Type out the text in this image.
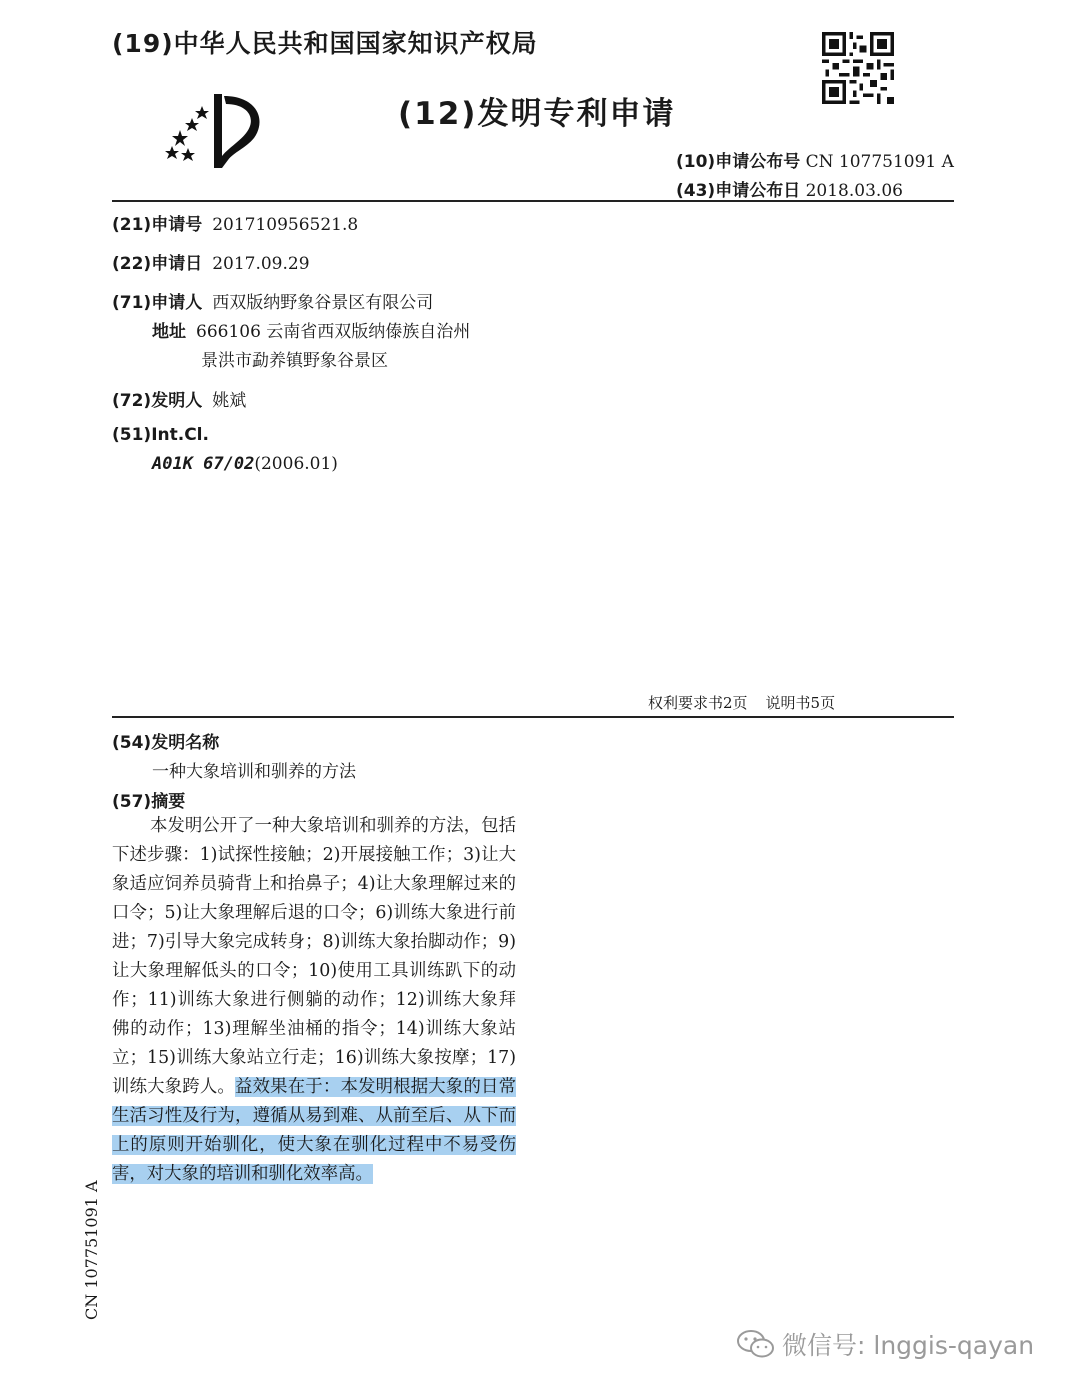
(19)中华人民共和国国家知识产权局
(12)发明专利申请
(10)申请公布号 CN 107751091 A
(43)申请公布日 2018.03.06
(21)申请号 201710956521.8
(22)申请日 2017.09.29
(71)申请人 西双版纳野象谷景区有限公司
地址 666106 云南省西双版纳傣族自治州
景洪市勐养镇野象谷景区
(72)发明人 姚斌
(51)Int.Cl.
A01K 67/02(2006.01)
权利要求书2页 说明书5页
(54)发明名称
一种大象培训和驯养的方法
(57)摘要
本发明公开了一种大象培训和驯养的方法，包括下述步骤：1)试探性接触；2)开展接触工作；3)让大象适应饲养员骑背上和抬鼻子；4)让大象理解过来的口令；5)让大象理解后退的口令；6)训练大象进行前进；7)引导大象完成转身；8)训练大象抬脚动作；9)让大象理解低头的口令；10)使用工具训练趴下的动作；11)训练大象进行侧躺的动作；12)训练大象拜佛的动作；13)理解坐油桶的指令；14)训练大象站立；15)训练大象站立行走；16)训练大象按摩；17)训练大象跨人。益效果在于：本发明根据大象的日常生活习性及行为，遵循从易到难、从前至后、从下而上的原则开始驯化，使大象在驯化过程中不易受伤害，对大象的培训和驯化效率高。
CN 107751091 A
微信号: lnggis-qayan
